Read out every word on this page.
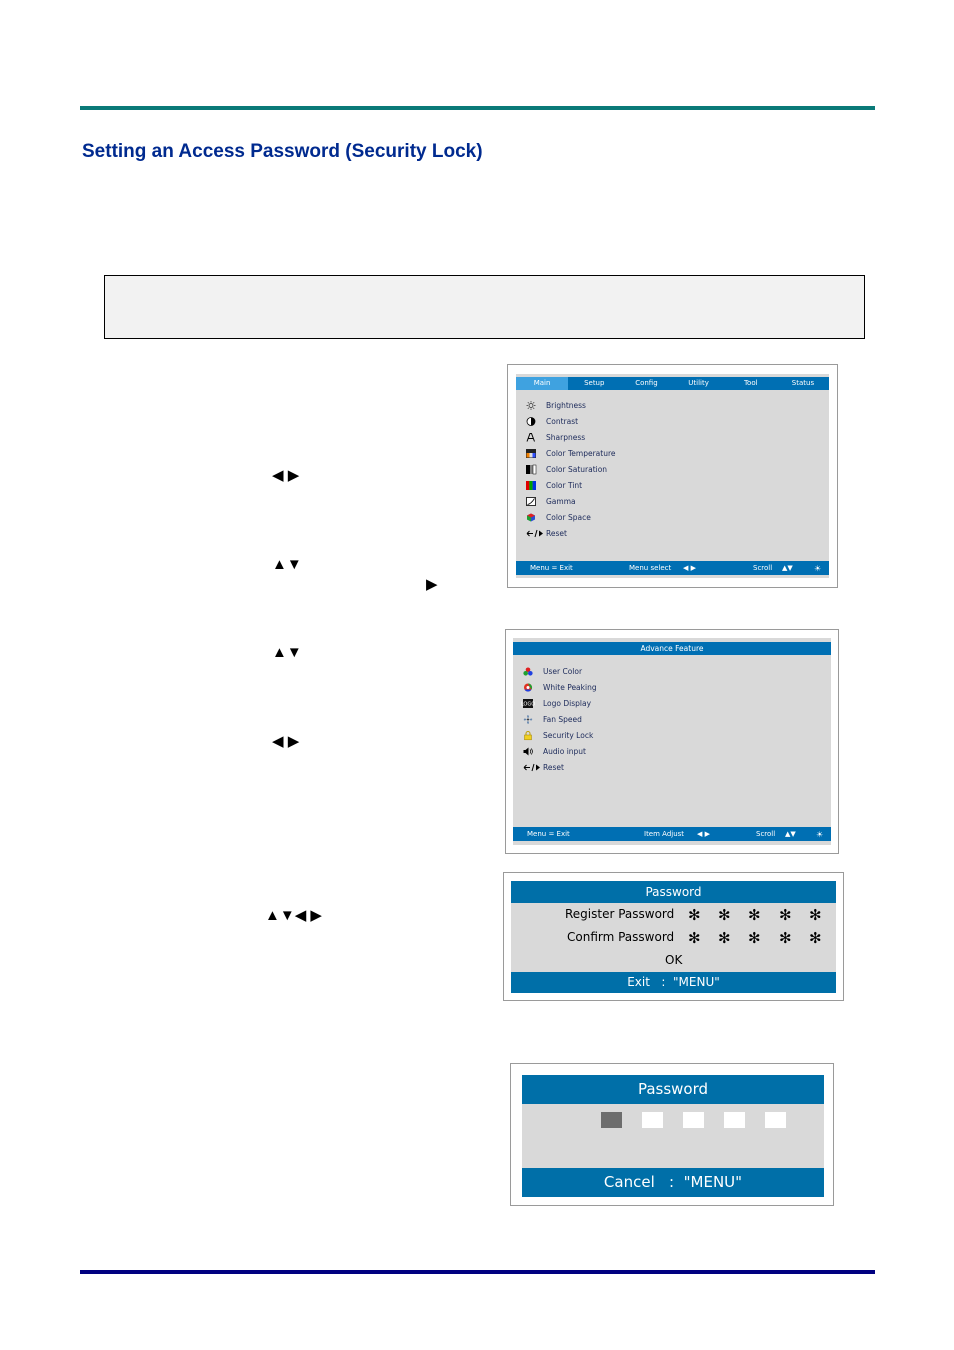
Setting an Access Password (Security Lock)
◀ ▶
▲▼
▶
▲▼
◀ ▶
▲▼◀ ▶
Main	Setup	Config	Utility	Tool	Status
Brightness
Contrast
Sharpness
Color Temperature
Color Saturation
Color Tint
Gamma
Color Space
Reset
Menu = Exit	Menu select ◀ ▶	Scroll ▲▼	☀
Advance Feature
User Color
White Peaking
LOGO Logo Display
Fan Speed
Security Lock
Audio input
Reset
Menu = Exit	Item Adjust ◀ ▶	Scroll ▲▼	☀
Password
Register Password ✻ ✻ ✻ ✻ ✻
Confirm Password ✻ ✻ ✻ ✻ ✻
OK
Exit   :  "MENU"
Password
Cancel   :  "MENU"
